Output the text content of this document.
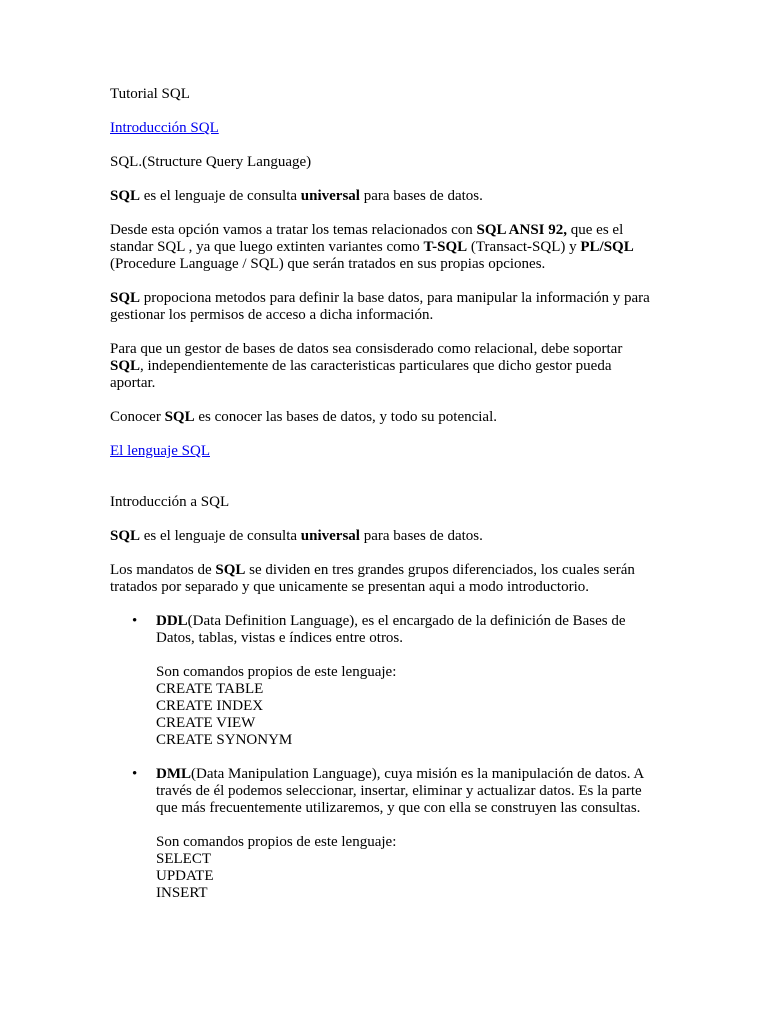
Tutorial SQL

Introducción SQL

SQL.(Structure Query Language)

SQL es el lenguaje de consulta universal para bases de datos.

Desde esta opción vamos a tratar los temas relacionados con SQL ANSI 92, que es el standar SQL , ya que luego extinten variantes como T-SQL (Transact-SQL) y PL/SQL (Procedure Language / SQL) que serán tratados en sus propias opciones.

SQL propociona metodos para definir la base datos, para manipular la información y para gestionar los permisos de acceso a dicha información.

Para que un gestor de bases de datos sea consisderado como relacional, debe soportar SQL, independientemente de las caracteristicas particulares que dicho gestor pueda aportar.

Conocer SQL es conocer las bases de datos, y todo su potencial.

El lenguaje SQL

Introducción a SQL

SQL es el lenguaje de consulta universal para bases de datos.

Los mandatos de SQL se dividen en tres grandes grupos diferenciados, los cuales serán tratados por separado y que unicamente se presentan aqui a modo introductorio.

• DDL(Data Definition Language), es el encargado de la definición de Bases de Datos, tablas, vistas e índices entre otros.
Son comandos propios de este lenguaje:
CREATE TABLE
CREATE INDEX
CREATE VIEW
CREATE SYNONYM
• DML(Data Manipulation Language), cuya misión es la manipulación de datos. A través de él podemos seleccionar, insertar, eliminar y actualizar datos. Es la parte que más frecuentemente utilizaremos, y que con ella se construyen las consultas.
Son comandos propios de este lenguaje:
SELECT
UPDATE
INSERT
